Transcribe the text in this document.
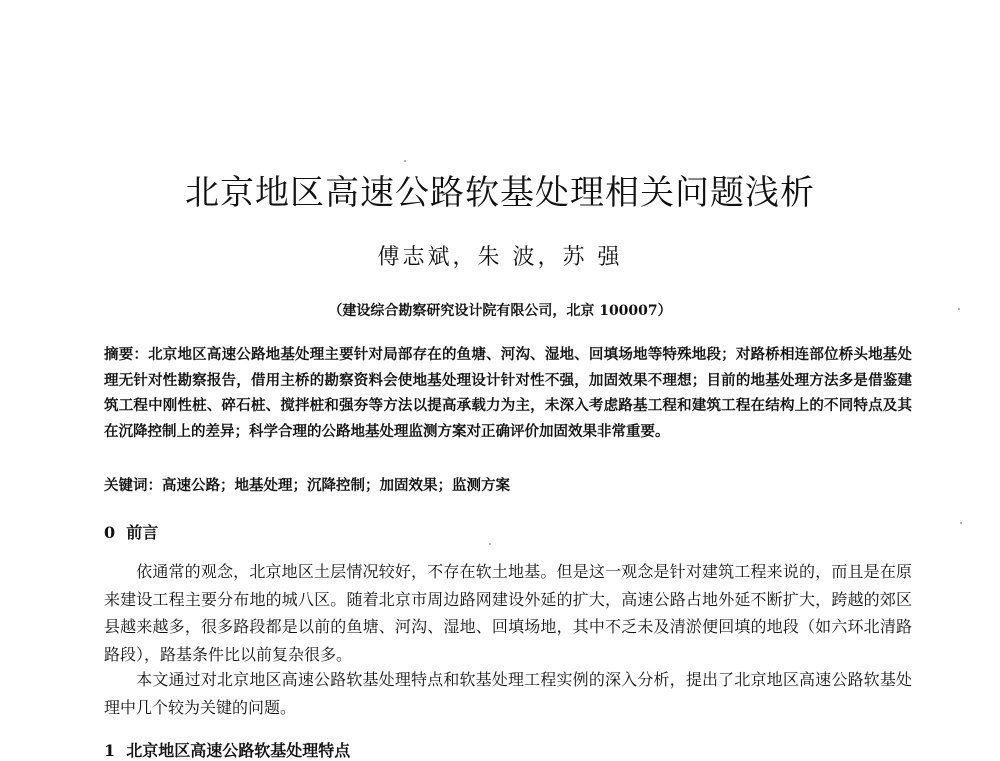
北京地区高速公路软基处理相关问题浅析
傅志斌，朱 波，苏 强
（建设综合勘察研究设计院有限公司，北京 100007）
摘要：北京地区高速公路地基处理主要针对局部存在的鱼塘、河沟、湿地、回填场地等特殊地段；对路桥相连部位桥头地基处理无针对性勘察报告，借用主桥的勘察资料会使地基处理设计针对性不强，加固效果不理想；目前的地基处理方法多是借鉴建筑工程中刚性桩、碎石桩、搅拌桩和强夯等方法以提高承载力为主，未深入考虑路基工程和建筑工程在结构上的不同特点及其在沉降控制上的差异；科学合理的公路地基处理监测方案对正确评价加固效果非常重要。
关键词：高速公路；地基处理；沉降控制；加固效果；监测方案
0 前言
依通常的观念，北京地区土层情况较好，不存在软土地基。但是这一观念是针对建筑工程来说的，而且是在原来建设工程主要分布地的城八区。随着北京市周边路网建设外延的扩大，高速公路占地外延不断扩大，跨越的郊区县越来越多，很多路段都是以前的鱼塘、河沟、湿地、回填场地，其中不乏未及清淤便回填的地段（如六环北清路路段），路基条件比以前复杂很多。
本文通过对北京地区高速公路软基处理特点和软基处理工程实例的深入分析，提出了北京地区高速公路软基处理中几个较为关键的问题。
1 北京地区高速公路软基处理特点
